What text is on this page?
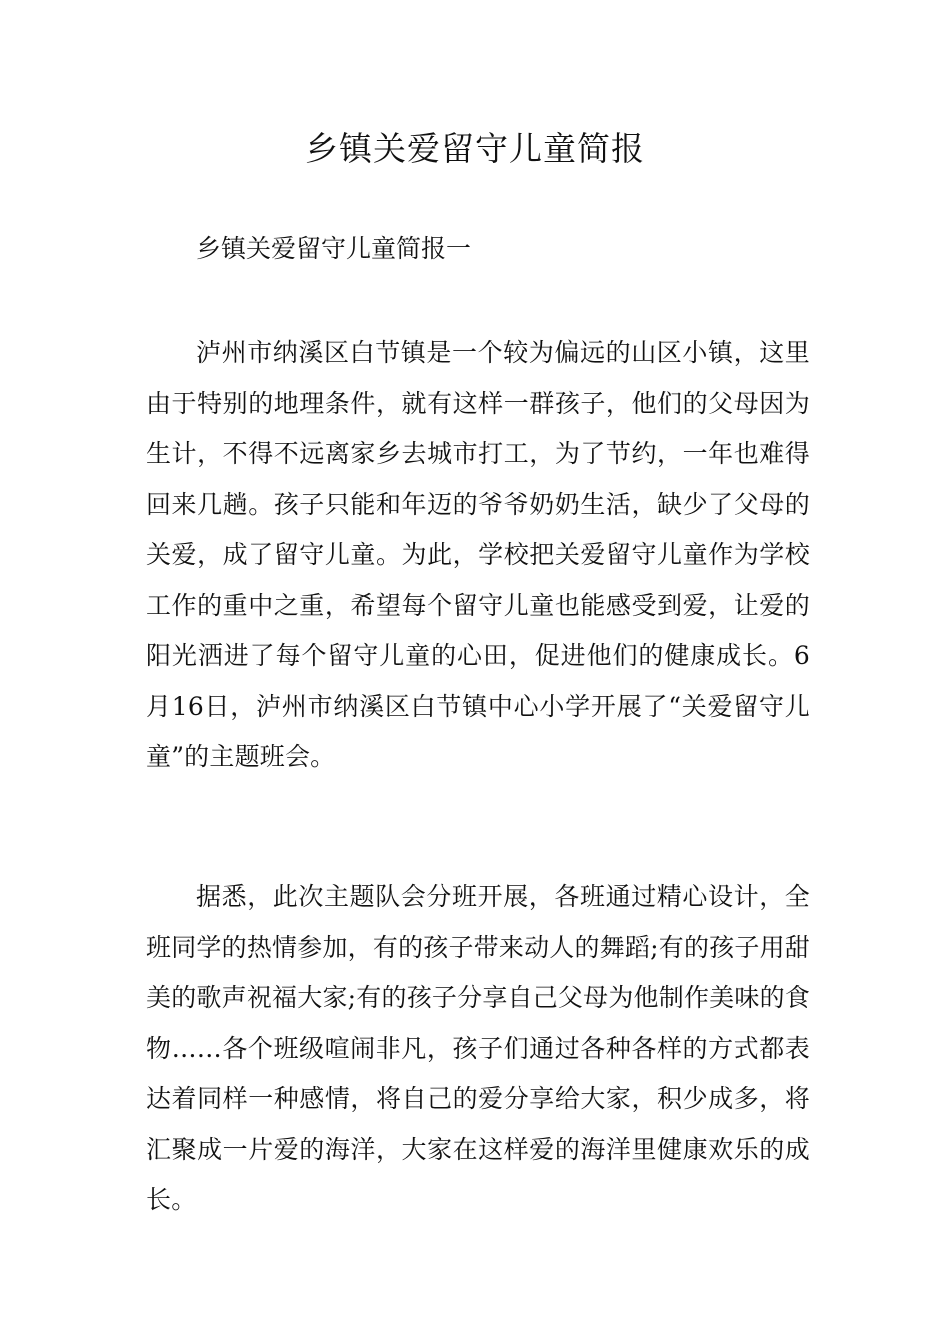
乡镇关爱留守儿童简报

乡镇关爱留守儿童简报一

泸州市纳溪区白节镇是一个较为偏远的山区小镇，这里由于特别的地理条件，就有这样一群孩子，他们的父母因为生计，不得不远离家乡去城市打工，为了节约，一年也难得回来几趟。孩子只能和年迈的爷爷奶奶生活，缺少了父母的关爱，成了留守儿童。为此，学校把关爱留守儿童作为学校工作的重中之重，希望每个留守儿童也能感受到爱，让爱的阳光洒进了每个留守儿童的心田，促进他们的健康成长。6月16日，泸州市纳溪区白节镇中心小学开展了“关爱留守儿童”的主题班会。

据悉，此次主题队会分班开展，各班通过精心设计，全班同学的热情参加，有的孩子带来动人的舞蹈;有的孩子用甜美的歌声祝福大家;有的孩子分享自己父母为他制作美味的食物……各个班级喧闹非凡，孩子们通过各种各样的方式都表达着同样一种感情，将自己的爱分享给大家，积少成多，将汇聚成一片爱的海洋，大家在这样爱的海洋里健康欢乐的成长。
